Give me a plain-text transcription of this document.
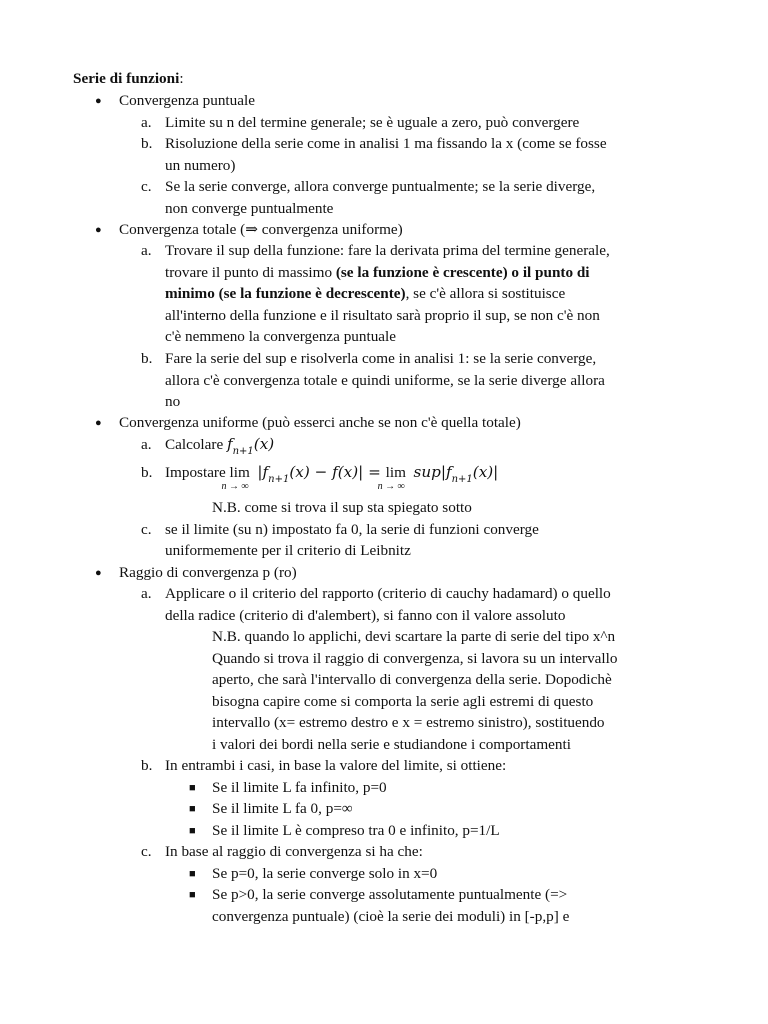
Serie di funzioni:
● Convergenza puntuale
a. Limite su n del termine generale; se è uguale a zero, può convergere
b. Risoluzione della serie come in analisi 1 ma fissando la x (come se fosse
un numero)
c. Se la serie converge, allora converge puntualmente; se la serie diverge,
non converge puntualmente
● Convergenza totale (⇒ convergenza uniforme)
a. Trovare il sup della funzione: fare la derivata prima del termine generale,
trovare il punto di massimo (se la funzione è crescente) o il punto di
minimo (se la funzione è decrescente), se c'è allora si sostituisce
all'interno della funzione e il risultato sarà proprio il sup, se non c'è non
c'è nemmeno la convergenza puntuale
b. Fare la serie del sup e risolverla come in analisi 1: se la serie converge,
allora c'è convergenza totale e quindi uniforme, se la serie diverge allora
no
● Convergenza uniforme (può esserci anche se non c'è quella totale)
a. Calcolare $f_{n+1}(x)$
b. Impostare lim
n → ∞
$|f_{n+1}(x) - f(x)| = \lim$
n → ∞
$sup|f_{n+1}(x)|$
N.B. come si trova il sup sta spiegato sotto
c. se il limite (su n) impostato fa 0, la serie di funzioni converge
uniformemente per il criterio di Leibnitz
● Raggio di convergenza p (ro)
a. Applicare o il criterio del rapporto (criterio di cauchy hadamard) o quello
della radice (criterio di d'alembert), si fanno con il valore assoluto
N.B. quando lo applichi, devi scartare la parte di serie del tipo x^n
Quando si trova il raggio di convergenza, si lavora su un intervallo
aperto, che sarà l'intervallo di convergenza della serie. Dopodichè
bisogna capire come si comporta la serie agli estremi di questo
intervallo (x= estremo destro e x = estremo sinistro), sostituendo
i valori dei bordi nella serie e studiandone i comportamenti
b. In entrambi i casi, in base la valore del limite, si ottiene:
■ Se il limite L fa infinito, p=0
■ Se il limite L fa 0, p=∞
■ Se il limite L è compreso tra 0 e infinito, p=1/L
c. In base al raggio di convergenza si ha che:
■ Se p=0, la serie converge solo in x=0
■ Se p>0, la serie converge assolutamente puntualmente (=>
convergenza puntuale) (cioè la serie dei moduli) in [-p,p] e
